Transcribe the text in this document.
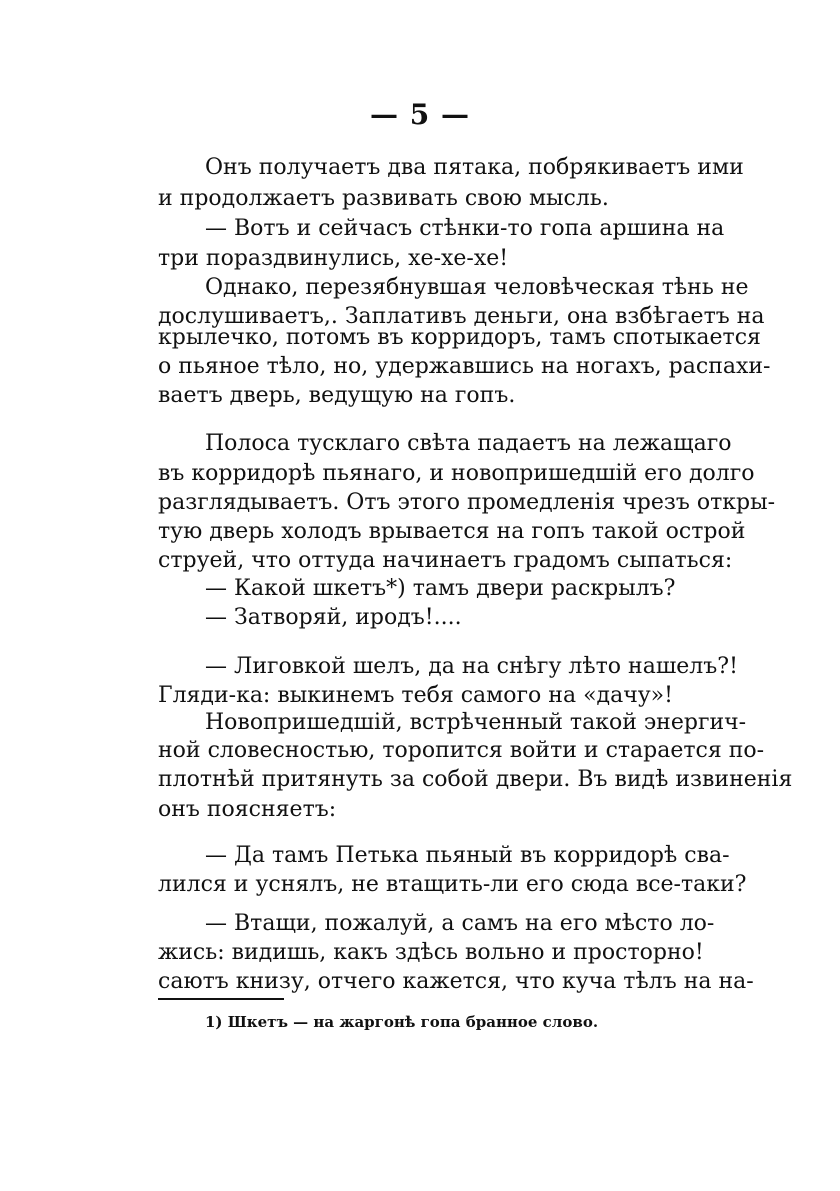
— 5 —
Онъ получаетъ два пятака, побрякиваетъ ими
и продолжаетъ развивать свою мысль.
— Вотъ и сейчасъ стѣнки-то гопа аршина на
три пораздвинулись, хе-хе-хе!
Однако, перезябнувшая человѣческая тѣнь не
дослушиваетъ,. Заплативъ деньги, она взбѣгаетъ на
крылечко, потомъ въ корридоръ, тамъ спотыкается
о пьяное тѣло, но, удержавшись на ногахъ, распахи-
ваетъ дверь, ведущую на гопъ.
Полоса тусклаго свѣта падаетъ на лежащаго
въ корридорѣ пьянаго, и новопришедшій его долго
разглядываетъ. Отъ этого промедленія чрезъ откры-
тую дверь холодъ врывается на гопъ такой острой
струей, что оттуда начинаетъ градомъ сыпаться:
— Какой шкетъ*) тамъ двери раскрылъ?
— Затворяй, иродъ!....
— Лиговкой шелъ, да на снѣгу лѣто нашелъ?!
Гляди-ка: выкинемъ тебя самого на «дачу»!
Новопришедшій, встрѣченный такой энергич-
ной словесностью, торопится войти и старается по-
плотнѣй притянуть за собой двери. Въ видѣ извиненія
онъ поясняетъ:
— Да тамъ Петька пьяный въ корридорѣ сва-
лился и уснялъ, не втащить-ли его сюда все-таки?
— Втащи, пожалуй, а самъ на его мѣсто ло-
жись: видишь, какъ здѣсь вольно и просторно!
саютъ книзу, отчего кажется, что куча тѣлъ на на-
1) Шкетъ — на жаргонѣ гопа бранное слово.
